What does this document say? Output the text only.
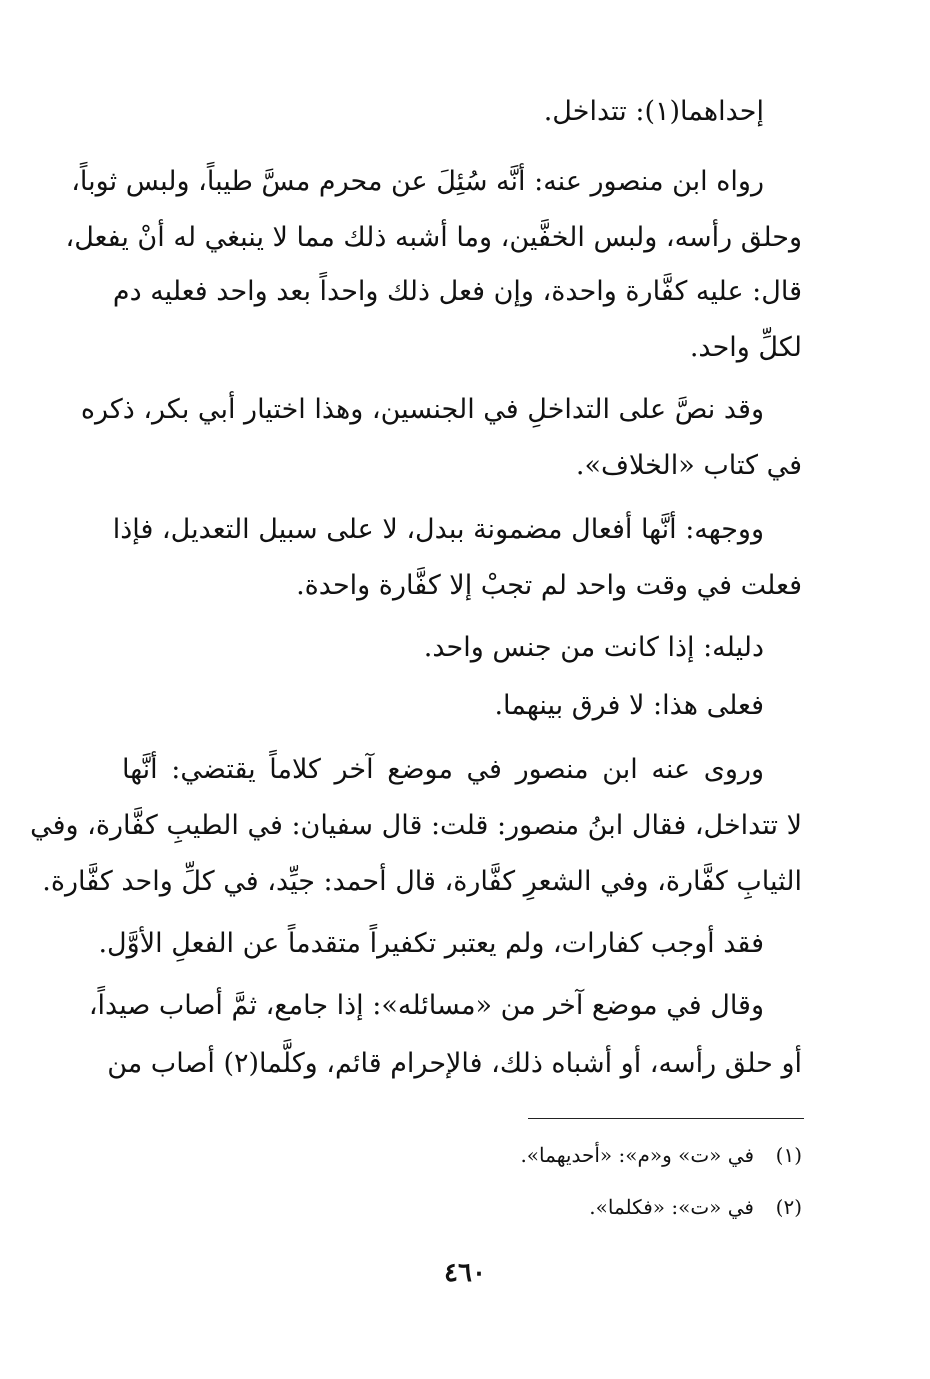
إحداهما(١): تتداخل.
رواه ابن منصور عنه: أنَّه سُئِلَ عن محرم مسَّ طيباً، ولبس ثوباً،
وحلق رأسه، ولبس الخفَّين، وما أشبه ذلك مما لا ينبغي له أنْ يفعل،
قال: عليه كفَّارة واحدة، وإن فعل ذلك واحداً بعد واحد فعليه دم
لكلِّ واحد.
وقد نصَّ على التداخلِ في الجنسين، وهذا اختيار أبي بكر، ذكره
في كتاب «الخلاف».
ووجهه: أنَّها أفعال مضمونة ببدل، لا على سبيل التعديل، فإذا
فعلت في وقت واحد لم تجبْ إلا كفَّارة واحدة.
دليله: إذا كانت من جنس واحد.
فعلى هذا: لا فرق بينهما.
وروى عنه ابن منصور في موضع آخر كلاماً يقتضي: أنَّها
لا تتداخل، فقال ابنُ منصور: قلت: قال سفيان: في الطيبِ كفَّارة، وفي
الثيابِ كفَّارة، وفي الشعرِ كفَّارة، قال أحمد: جيِّد، في كلِّ واحد كفَّارة.
فقد أوجب كفارات، ولم يعتبر تكفيراً متقدماً عن الفعلِ الأوَّل.
وقال في موضع آخر من «مسائله»: إذا جامع، ثمَّ أصاب صيداً،
أو حلق رأسه، أو أشباه ذلك، فالإحرام قائم، وكلَّما(٢) أصاب من
(١)في «ت» و«م»: «أحديهما».
(٢)في «ت»: «فكلما».
٤٦٠
